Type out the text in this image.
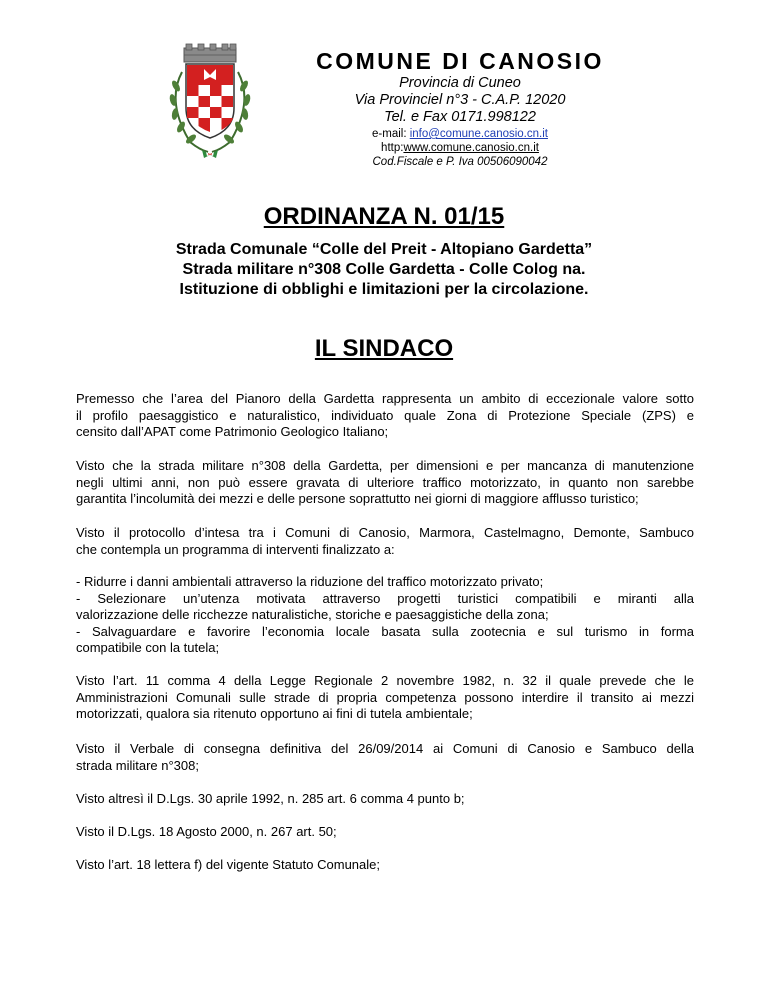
COMUNE DI CANOSIO
Provincia di Cuneo
Via Provinciel n°3 - C.A.P. 12020
Tel. e Fax 0171.998122
e-mail: info@comune.canosio.cn.it
http:www.comune.canosio.cn.it
Cod.Fiscale e P. Iva 00506090042
ORDINANZA N. 01/15
Strada Comunale “Colle del Preit - Altopiano Gardetta”
Strada militare n°308 Colle Gardetta - Colle Colog na.
Istituzione di obblighi e limitazioni per la circolazione.
IL SINDACO
Premesso che l’area del Pianoro della Gardetta rappresenta un ambito di eccezionale valore sotto
il profilo paesaggistico e naturalistico, individuato quale Zona di Protezione Speciale (ZPS) e
censito dall’APAT come Patrimonio Geologico Italiano;
Visto che la strada militare n°308 della Gardetta, per dimensioni e per mancanza di manutenzione
negli ultimi anni, non può essere gravata di ulteriore traffico motorizzato, in quanto non sarebbe
garantita l’incolumità dei mezzi e delle persone soprattutto nei giorni di maggiore afflusso turistico;
Visto il protocollo d’intesa tra i Comuni di Canosio, Marmora, Castelmagno, Demonte, Sambuco
che contempla un programma di interventi finalizzato a:
- Ridurre i danni ambientali attraverso la riduzione del traffico motorizzato privato;
- Selezionare un’utenza motivata attraverso progetti turistici compatibili e miranti alla
valorizzazione delle ricchezze naturalistiche, storiche e paesaggistiche della zona;
- Salvaguardare e favorire l’economia locale basata sulla zootecnia e sul turismo in forma
compatibile con la tutela;
Visto l’art. 11 comma 4 della Legge Regionale 2 novembre 1982, n. 32 il quale prevede che le
Amministrazioni Comunali sulle strade di propria competenza possono interdire il transito ai mezzi
motorizzati, qualora sia ritenuto opportuno ai fini di tutela ambientale;
Visto il Verbale di consegna definitiva del 26/09/2014 ai Comuni di Canosio e Sambuco della
strada militare n°308;
Visto altresì il D.Lgs. 30 aprile 1992, n. 285 art. 6 comma 4 punto b;
Visto il D.Lgs. 18 Agosto 2000, n. 267 art. 50;
Visto l’art. 18 lettera f) del vigente Statuto Comunale;
